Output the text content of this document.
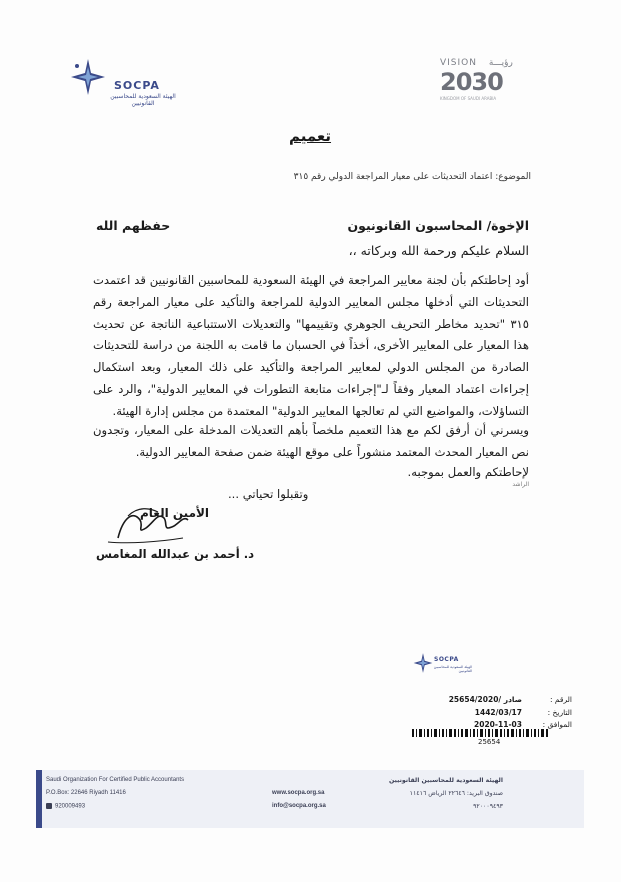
SOCPA
الهيئة السعودية للمحاسبين القانونيين
VISION رؤيـــة
2030
KINGDOM OF SAUDI ARABIA
تعميم
الموضوع: اعتماد التحديثات على معيار المراجعة الدولي رقم ٣١٥
الإخوة/ المحاسبون القانونيون
حفظهم الله
السلام عليكم ورحمة الله وبركاته ،،
أود إحاطتكم بأن لجنة معايير المراجعة في الهيئة السعودية للمحاسبين القانونيين قد اعتمدت التحديثات التي أدخلها مجلس المعايير الدولية للمراجعة والتأكيد على معيار المراجعة رقم ٣١٥ "تحديد مخاطر التحريف الجوهري وتقييمها" والتعديلات الاستتباعية الناتجة عن تحديث هذا المعيار على المعايير الأخرى، أخذاً في الحسبان ما قامت به اللجنة من دراسة للتحديثات الصادرة من المجلس الدولي لمعايير المراجعة والتأكيد على ذلك المعيار، وبعد استكمال إجراءات اعتماد المعيار وفقاً لـ"إجراءات متابعة التطورات في المعايير الدولية"، والرد على التساؤلات، والمواضيع التي لم تعالجها المعايير الدولية" المعتمدة من مجلس إدارة الهيئة.
ويسرني أن أرفق لكم مع هذا التعميم ملخصاً بأهم التعديلات المدخلة على المعيار، وتجدون نص المعيار المحدث المعتمد منشوراً على موقع الهيئة ضمن صفحة المعايير الدولية.
لإحاطتكم والعمل بموجبه.
الراشد
وتقبلوا تحياتي ...
الأمين العام
د. أحمد بن عبدالله المغامس
SOCPA
الهيئة السعودية للمحاسبين القانونيين
الرقم :
25654/2020/ صادر
التاريخ :
1442/03/17
الموافق :
2020-11-03
25654
Saudi Organization For Certified Public Accountants
P.O.Box: 22646 Riyadh 11416
920009493
www.socpa.org.sa
info@socpa.org.sa
الهيئة السعودية للمحاسبين القانونيين
صندوق البريد: ٢٢٦٤٦ الرياض ١١٤١٦
٩٢٠٠٠٩٤٩٣
